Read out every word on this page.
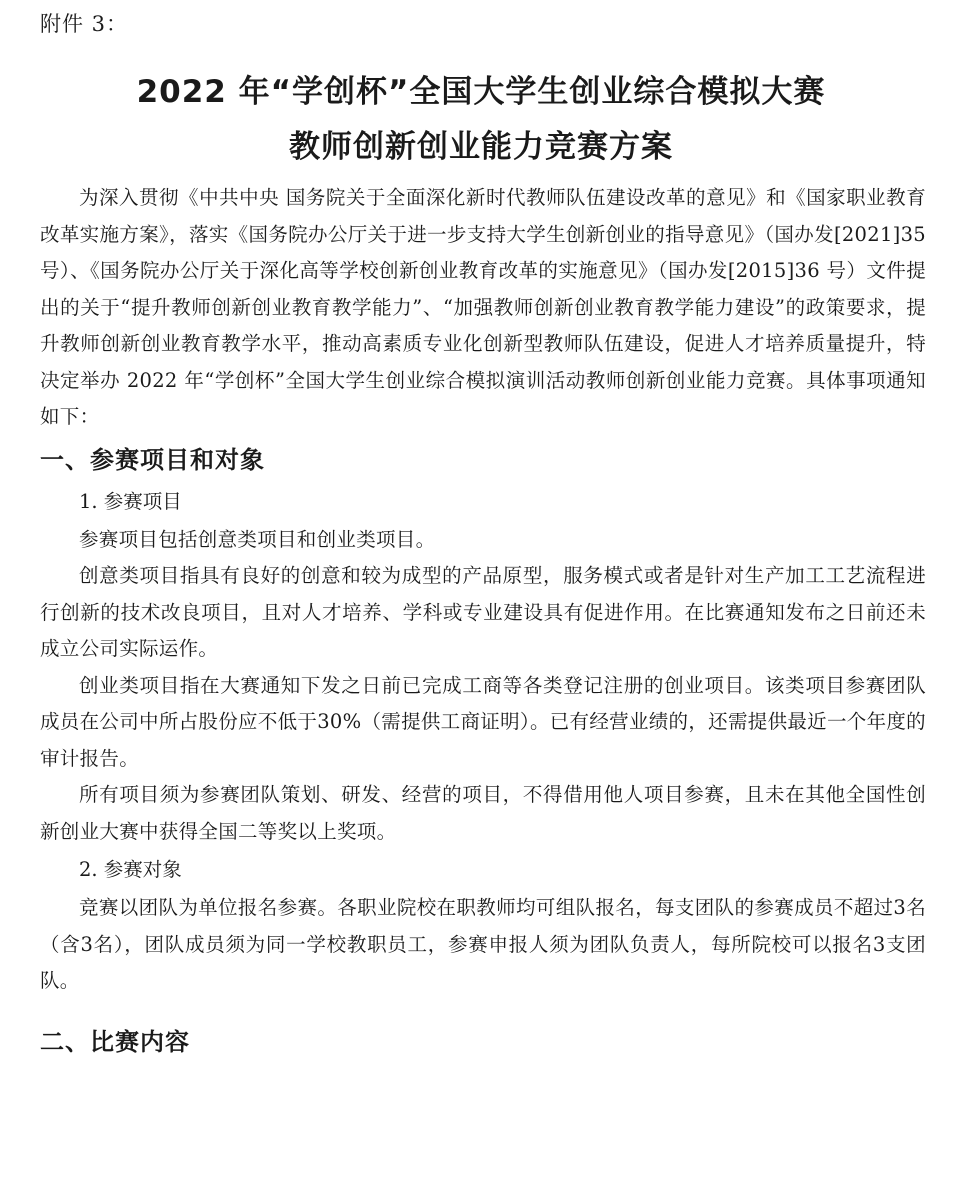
附件 3：
2022 年“学创杯”全国大学生创业综合模拟大赛
教师创新创业能力竞赛方案

为深入贯彻《中共中央 国务院关于全面深化新时代教师队伍建设改革的意见》和《国家职业教育改革实施方案》，落实《国务院办公厅关于进一步支持大学生创新创业的指导意见》（国办发[2021]35 号）、《国务院办公厅关于深化高等学校创新创业教育改革的实施意见》（国办发[2015]36 号）文件提出的关于“提升教师创新创业教育教学能力”、“加强教师创新创业教育教学能力建设”的政策要求，提升教师创新创业教育教学水平，推动高素质专业化创新型教师队伍建设，促进人才培养质量提升，特决定举办 2022 年“学创杯”全国大学生创业综合模拟演训活动教师创新创业能力竞赛。具体事项通知如下：

一、参赛项目和对象

1. 参赛项目

参赛项目包括创意类项目和创业类项目。

创意类项目指具有良好的创意和较为成型的产品原型，服务模式或者是针对生产加工工艺流程进行创新的技术改良项目，且对人才培养、学科或专业建设具有促进作用。在比赛通知发布之日前还未成立公司实际运作。

创业类项目指在大赛通知下发之日前已完成工商等各类登记注册的创业项目。该类项目参赛团队成员在公司中所占股份应不低于30%（需提供工商证明）。已有经营业绩的，还需提供最近一个年度的审计报告。

所有项目须为参赛团队策划、研发、经营的项目，不得借用他人项目参赛，且未在其他全国性创新创业大赛中获得全国二等奖以上奖项。

2. 参赛对象

竞赛以团队为单位报名参赛。各职业院校在职教师均可组队报名，每支团队的参赛成员不超过3名（含3名），团队成员须为同一学校教职员工，参赛申报人须为团队负责人，每所院校可以报名3支团队。

二、比赛内容
